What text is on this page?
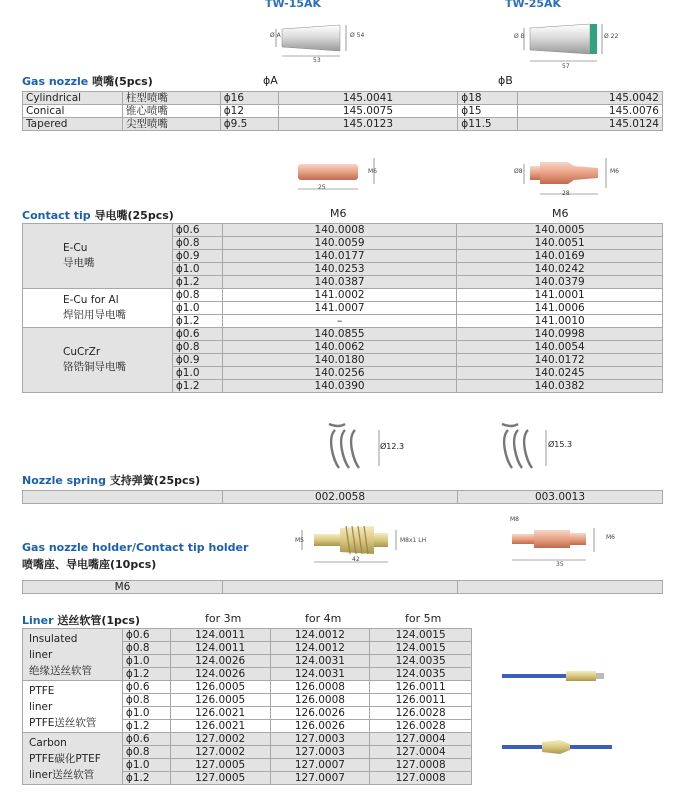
TW-15AK	TW-25AK
Ø A	Ø 54
53
Ø B	Ø 22
57
Gas nozzle 喷嘴(5pcs)	ϕA	ϕB
Cylindrical	柱型喷嘴	ϕ16	145.0041	ϕ18	145.0042
Conical	锥心喷嘴	ϕ12	145.0075	ϕ15	145.0076
Tapered	尖型喷嘴	ϕ9.5	145.0123	ϕ11.5	145.0124
M6
25
Ø8	M6
28
Contact tip 导电嘴(25pcs)	M6	M6
E-Cu
导电嘴	ϕ0.6	140.0008	140.0005
	ϕ0.8	140.0059	140.0051
	ϕ0.9	140.0177	140.0169
	ϕ1.0	140.0253	140.0242
	ϕ1.2	140.0387	140.0379

E-Cu for Al
焊铝用导电嘴	ϕ0.8	141.0002	141.0001
	ϕ1.0	141.0007	141.0006
	ϕ1.2	–	141.0010

CuCrZr
铬锆铜导电嘴	ϕ0.6	140.0855	140.0998
	ϕ0.8	140.0062	140.0054
	ϕ0.9	140.0180	140.0172
	ϕ1.0	140.0256	140.0245
	ϕ1.2	140.0390	140.0382
Ø12.3	Ø15.3
Nozzle spring 支持弹簧(25pcs)
	002.0058	003.0013
M5	M8x1 LH
42
M8
M6
35
Gas nozzle holder/Contact tip holder
喷嘴座、导电嘴座(10pcs)
M6		
Liner 送丝软管(1pcs)	for 3m	for 4m	for 5m
Insulated
liner
绝缘送丝软管	ϕ0.6	124.0011	124.0012	124.0015
	ϕ0.8	124.0011	124.0012	124.0015
	ϕ1.0	124.0026	124.0031	124.0035
	ϕ1.2	124.0026	124.0031	124.0035

PTFE
liner
PTFE送丝软管	ϕ0.6	126.0005	126.0008	126.0011
	ϕ0.8	126.0005	126.0008	126.0011
	ϕ1.0	126.0021	126.0026	126.0028
	ϕ1.2	126.0021	126.0026	126.0028

Carbon
PTFE碳化PTEF
liner送丝软管	ϕ0.6	127.0002	127.0003	127.0004
	ϕ0.8	127.0002	127.0003	127.0004
	ϕ1.0	127.0005	127.0007	127.0008
	ϕ1.2	127.0005	127.0007	127.0008
